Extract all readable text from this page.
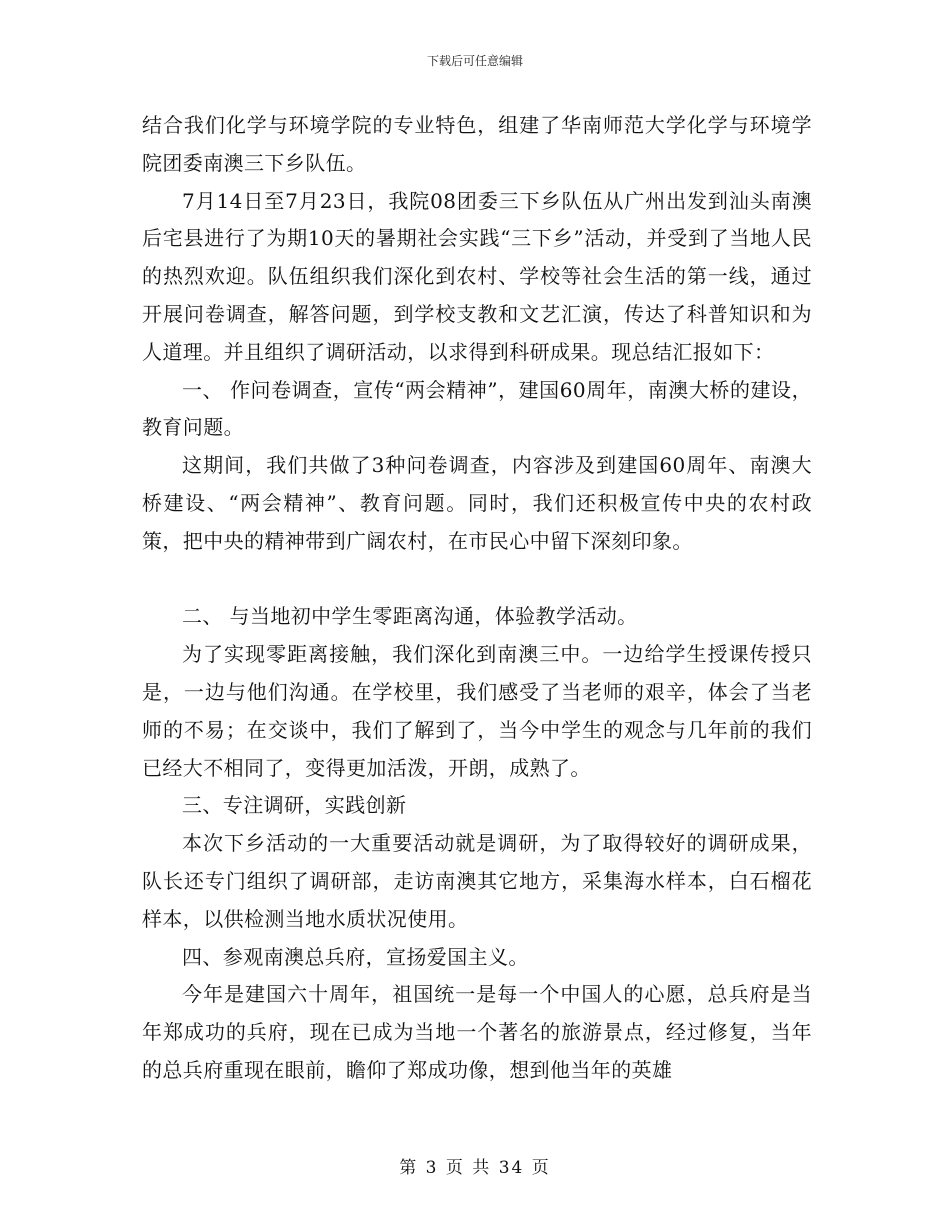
下载后可任意编辑

结合我们化学与环境学院的专业特色，组建了华南师范大学化学与环境学院团委南澳三下乡队伍。

7月14日至7月23日，我院08团委三下乡队伍从广州出发到汕头南澳后宅县进行了为期10天的暑期社会实践“三下乡”活动，并受到了当地人民的热烈欢迎。队伍组织我们深化到农村、学校等社会生活的第一线，通过开展问卷调查，解答问题，到学校支教和文艺汇演，传达了科普知识和为人道理。并且组织了调研活动，以求得到科研成果。现总结汇报如下：

一、 作问卷调查，宣传“两会精神”，建国60周年，南澳大桥的建设，教育问题。

这期间，我们共做了3种问卷调查，内容涉及到建国60周年、南澳大桥建设、“两会精神”、教育问题。同时，我们还积极宣传中央的农村政策，把中央的精神带到广阔农村，在市民心中留下深刻印象。

二、 与当地初中学生零距离沟通，体验教学活动。

为了实现零距离接触，我们深化到南澳三中。一边给学生授课传授只是，一边与他们沟通。在学校里，我们感受了当老师的艰辛，体会了当老师的不易；在交谈中，我们了解到了，当今中学生的观念与几年前的我们已经大不相同了，变得更加活泼，开朗，成熟了。

三、专注调研，实践创新

本次下乡活动的一大重要活动就是调研，为了取得较好的调研成果，队长还专门组织了调研部，走访南澳其它地方，采集海水样本，白石榴花样本，以供检测当地水质状况使用。

四、参观南澳总兵府，宣扬爱国主义。

今年是建国六十周年，祖国统一是每一个中国人的心愿，总兵府是当年郑成功的兵府，现在已成为当地一个著名的旅游景点，经过修复，当年的总兵府重现在眼前，瞻仰了郑成功像，想到他当年的英雄

第 3 页 共 34 页
